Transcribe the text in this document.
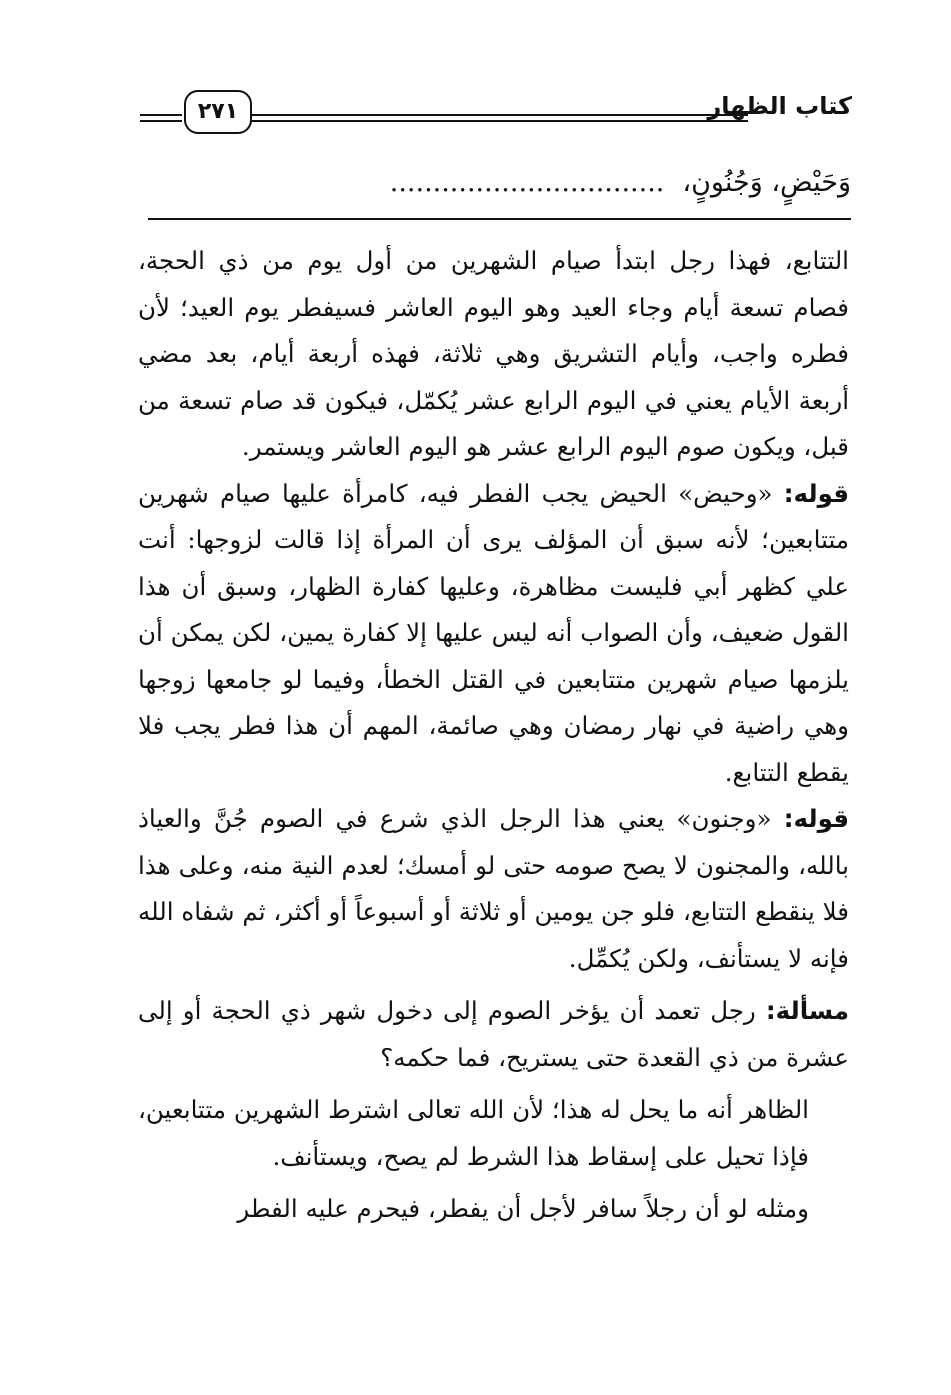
٢٧١	كتاب الظهار
وَحَيْضٍ، وَجُنُونٍ،................................

التتابع، فهذا رجل ابتدأ صيام الشهرين من أول يوم من ذي الحجة، فصام تسعة أيام وجاء العيد وهو اليوم العاشر فسيفطر يوم العيد؛ لأن فطره واجب، وأيام التشريق وهي ثلاثة، فهذه أربعة أيام، بعد مضي أربعة الأيام يعني في اليوم الرابع عشر يُكمّل، فيكون قد صام تسعة من قبل، ويكون صوم اليوم الرابع عشر هو اليوم العاشر ويستمر.

قوله: «وحيض» الحيض يجب الفطر فيه، كامرأة عليها صيام شهرين متتابعين؛ لأنه سبق أن المؤلف يرى أن المرأة إذا قالت لزوجها: أنت علي كظهر أبي فليست مظاهرة، وعليها كفارة الظهار، وسبق أن هذا القول ضعيف، وأن الصواب أنه ليس عليها إلا كفارة يمين، لكن يمكن أن يلزمها صيام شهرين متتابعين في القتل الخطأ، وفيما لو جامعها زوجها وهي راضية في نهار رمضان وهي صائمة، المهم أن هذا فطر يجب فلا يقطع التتابع.

قوله: «وجنون» يعني هذا الرجل الذي شرع في الصوم جُنَّ والعياذ بالله، والمجنون لا يصح صومه حتى لو أمسك؛ لعدم النية منه، وعلى هذا فلا ينقطع التتابع، فلو جن يومين أو ثلاثة أو أسبوعاً أو أكثر، ثم شفاه الله فإنه لا يستأنف، ولكن يُكمِّل.

مسألة: رجل تعمد أن يؤخر الصوم إلى دخول شهر ذي الحجة أو إلى عشرة من ذي القعدة حتى يستريح، فما حكمه؟

الظاهر أنه ما يحل له هذا؛ لأن الله تعالى اشترط الشهرين متتابعين، فإذا تحيل على إسقاط هذا الشرط لم يصح، ويستأنف.

ومثله لو أن رجلاً سافر لأجل أن يفطر، فيحرم عليه الفطر
